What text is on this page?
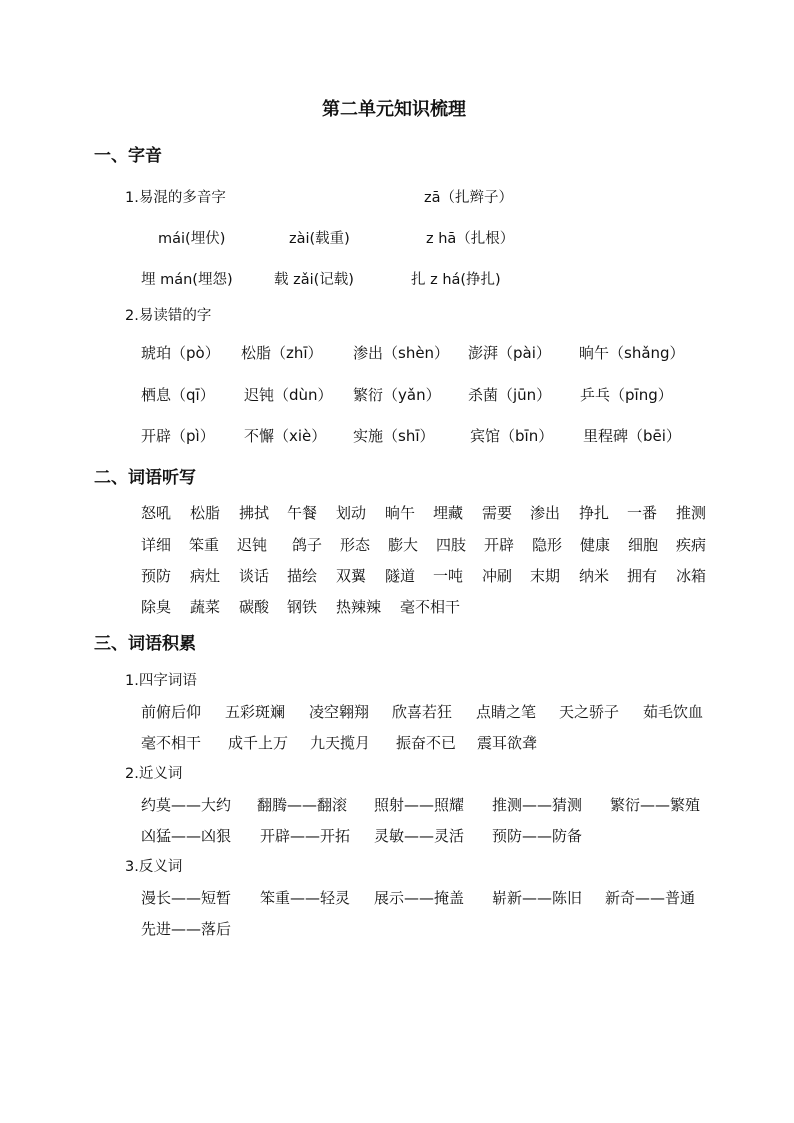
第二单元知识梳理
一、字音
1.易混的多音字	zā（扎辫子）
mái(埋伏)	zài(载重)	z hā（扎根）
埋 mán(埋怨)	载 zǎi(记载)	扎 z há(挣扎)
2.易读错的字
琥珀（pò） 松脂（zhī） 渗出（shèn） 澎湃（pài） 晌午（shǎng）
栖息（qī） 迟钝（dùn） 繁衍（yǎn） 杀菌（jūn） 乒乓（pīng）
开辟（pì） 不懈（xiè） 实施（shī） 宾馆（bīn） 里程碑（bēi）
二、词语听写
怒吼 松脂 拂拭 午餐 划动 晌午 埋藏 需要 渗出 挣扎 一番 推测
详细 笨重 迟钝 鸽子 形态 膨大 四肢 开辟 隐形 健康 细胞 疾病
预防 病灶 谈话 描绘 双翼 隧道 一吨 冲刷 末期 纳米 拥有 冰箱
除臭 蔬菜 碳酸 钢铁 热辣辣 毫不相干
三、词语积累
1.四字词语
前俯后仰 五彩斑斓 凌空翱翔 欣喜若狂 点睛之笔 天之骄子 茹毛饮血
毫不相干 成千上万 九天揽月 振奋不已 震耳欲聋
2.近义词
约莫——大约 翻腾——翻滚 照射——照耀 推测——猜测 繁衍——繁殖
凶猛——凶狠 开辟——开拓 灵敏——灵活 预防——防备
3.反义词
漫长——短暂 笨重——轻灵 展示——掩盖 崭新——陈旧 新奇——普通
先进——落后
